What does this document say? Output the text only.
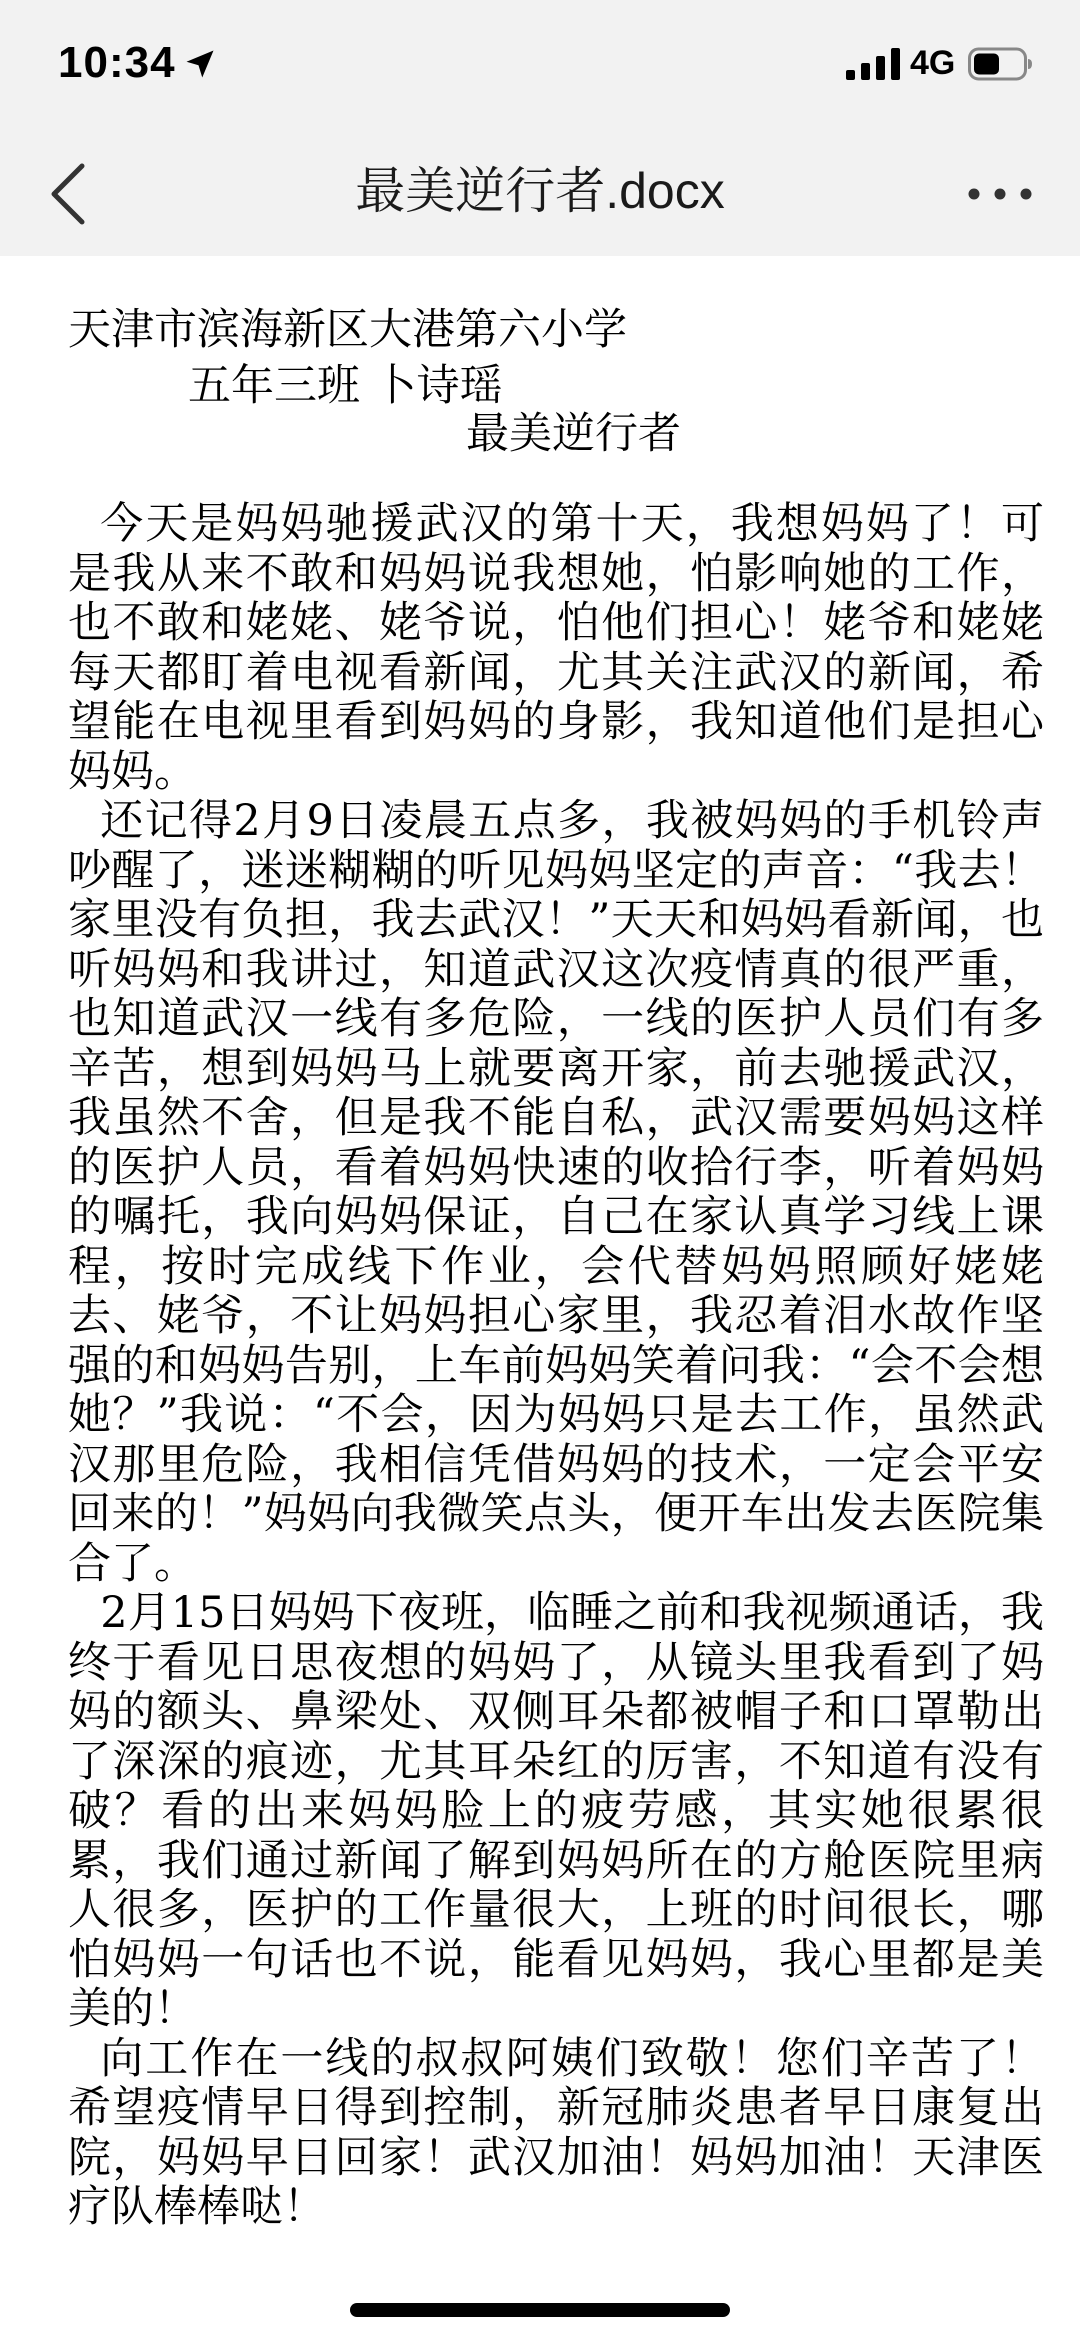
10:34	4G
最美逆行者.docx
天津市滨海新区大港第六小学
五年三班 卜诗瑶
最美逆行者

今天是妈妈驰援武汉的第十天，我想妈妈了！可是我从来不敢和妈妈说我想她，怕影响她的工作，也不敢和姥姥、姥爷说，怕他们担心！姥爷和姥姥每天都盯着电视看新闻，尤其关注武汉的新闻，希望能在电视里看到妈妈的身影，我知道他们是担心妈妈。

还记得2月9日凌晨五点多，我被妈妈的手机铃声吵醒了，迷迷糊糊的听见妈妈坚定的声音：“我去！家里没有负担，我去武汉！”天天和妈妈看新闻，也听妈妈和我讲过，知道武汉这次疫情真的很严重，也知道武汉一线有多危险，一线的医护人员们有多辛苦，想到妈妈马上就要离开家，前去驰援武汉，我虽然不舍，但是我不能自私，武汉需要妈妈这样的医护人员，看着妈妈快速的收拾行李，听着妈妈的嘱托，我向妈妈保证，自己在家认真学习线上课程，按时完成线下作业，会代替妈妈照顾好姥姥去、姥爷，不让妈妈担心家里，我忍着泪水故作坚强的和妈妈告别，上车前妈妈笑着问我：“会不会想她？”我说：“不会，因为妈妈只是去工作，虽然武汉那里危险，我相信凭借妈妈的技术，一定会平安回来的！”妈妈向我微笑点头，便开车出发去医院集合了。

2月15日妈妈下夜班，临睡之前和我视频通话，我终于看见日思夜想的妈妈了，从镜头里我看到了妈妈的额头、鼻梁处、双侧耳朵都被帽子和口罩勒出了深深的痕迹，尤其耳朵红的厉害，不知道有没有破？看的出来妈妈脸上的疲劳感，其实她很累很累，我们通过新闻了解到妈妈所在的方舱医院里病人很多，医护的工作量很大，上班的时间很长，哪怕妈妈一句话也不说，能看见妈妈，我心里都是美美的！

向工作在一线的叔叔阿姨们致敬！您们辛苦了！希望疫情早日得到控制，新冠肺炎患者早日康复出院，妈妈早日回家！武汉加油！妈妈加油！天津医疗队棒棒哒！
